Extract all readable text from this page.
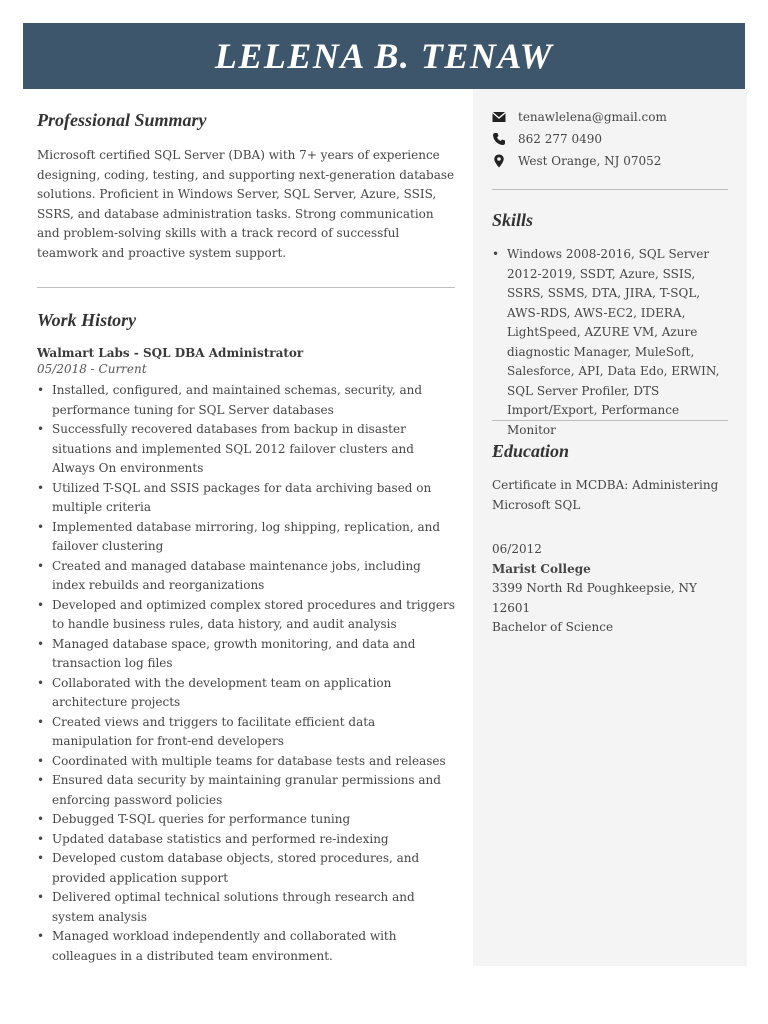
LELENA B. TENAW
Professional Summary
Microsoft certified SQL Server (DBA) with 7+ years of experience designing, coding, testing, and supporting next-generation database solutions. Proficient in Windows Server, SQL Server, Azure, SSIS, SSRS, and database administration tasks. Strong communication and problem-solving skills with a track record of successful teamwork and proactive system support.
Work History

Walmart Labs - SQL DBA Administrator

05/2018 - Current

• Installed, configured, and maintained schemas, security, and performance tuning for SQL Server databases
• Successfully recovered databases from backup in disaster situations and implemented SQL 2012 failover clusters and Always On environments
• Utilized T-SQL and SSIS packages for data archiving based on multiple criteria
• Implemented database mirroring, log shipping, replication, and failover clustering
• Created and managed database maintenance jobs, including index rebuilds and reorganizations
• Developed and optimized complex stored procedures and triggers to handle business rules, data history, and audit analysis
• Managed database space, growth monitoring, and data and transaction log files
• Collaborated with the development team on application architecture projects
• Created views and triggers to facilitate efficient data manipulation for front-end developers
• Coordinated with multiple teams for database tests and releases
• Ensured data security by maintaining granular permissions and enforcing password policies
• Debugged T-SQL queries for performance tuning
• Updated database statistics and performed re-indexing
• Developed custom database objects, stored procedures, and provided application support
• Delivered optimal technical solutions through research and system analysis
• Managed workload independently and collaborated with colleagues in a distributed team environment.
tenawlelena@gmail.com
862 277 0490
West Orange, NJ 07052
Skills
• Windows 2008-2016, SQL Server 2012-2019, SSDT, Azure, SSIS, SSRS, SSMS, DTA, JIRA, T-SQL, AWS-RDS, AWS-EC2, IDERA, LightSpeed, AZURE VM, Azure diagnostic Manager, MuleSoft, Salesforce, API, Data Edo, ERWIN, SQL Server Profiler, DTS Import/Export, Performance Monitor
•
Education
Certificate in MCDBA: Administering Microsoft SQL
06/2012
Marist College
3399 North Rd Poughkeepsie, NY 12601
Bachelor of Science
